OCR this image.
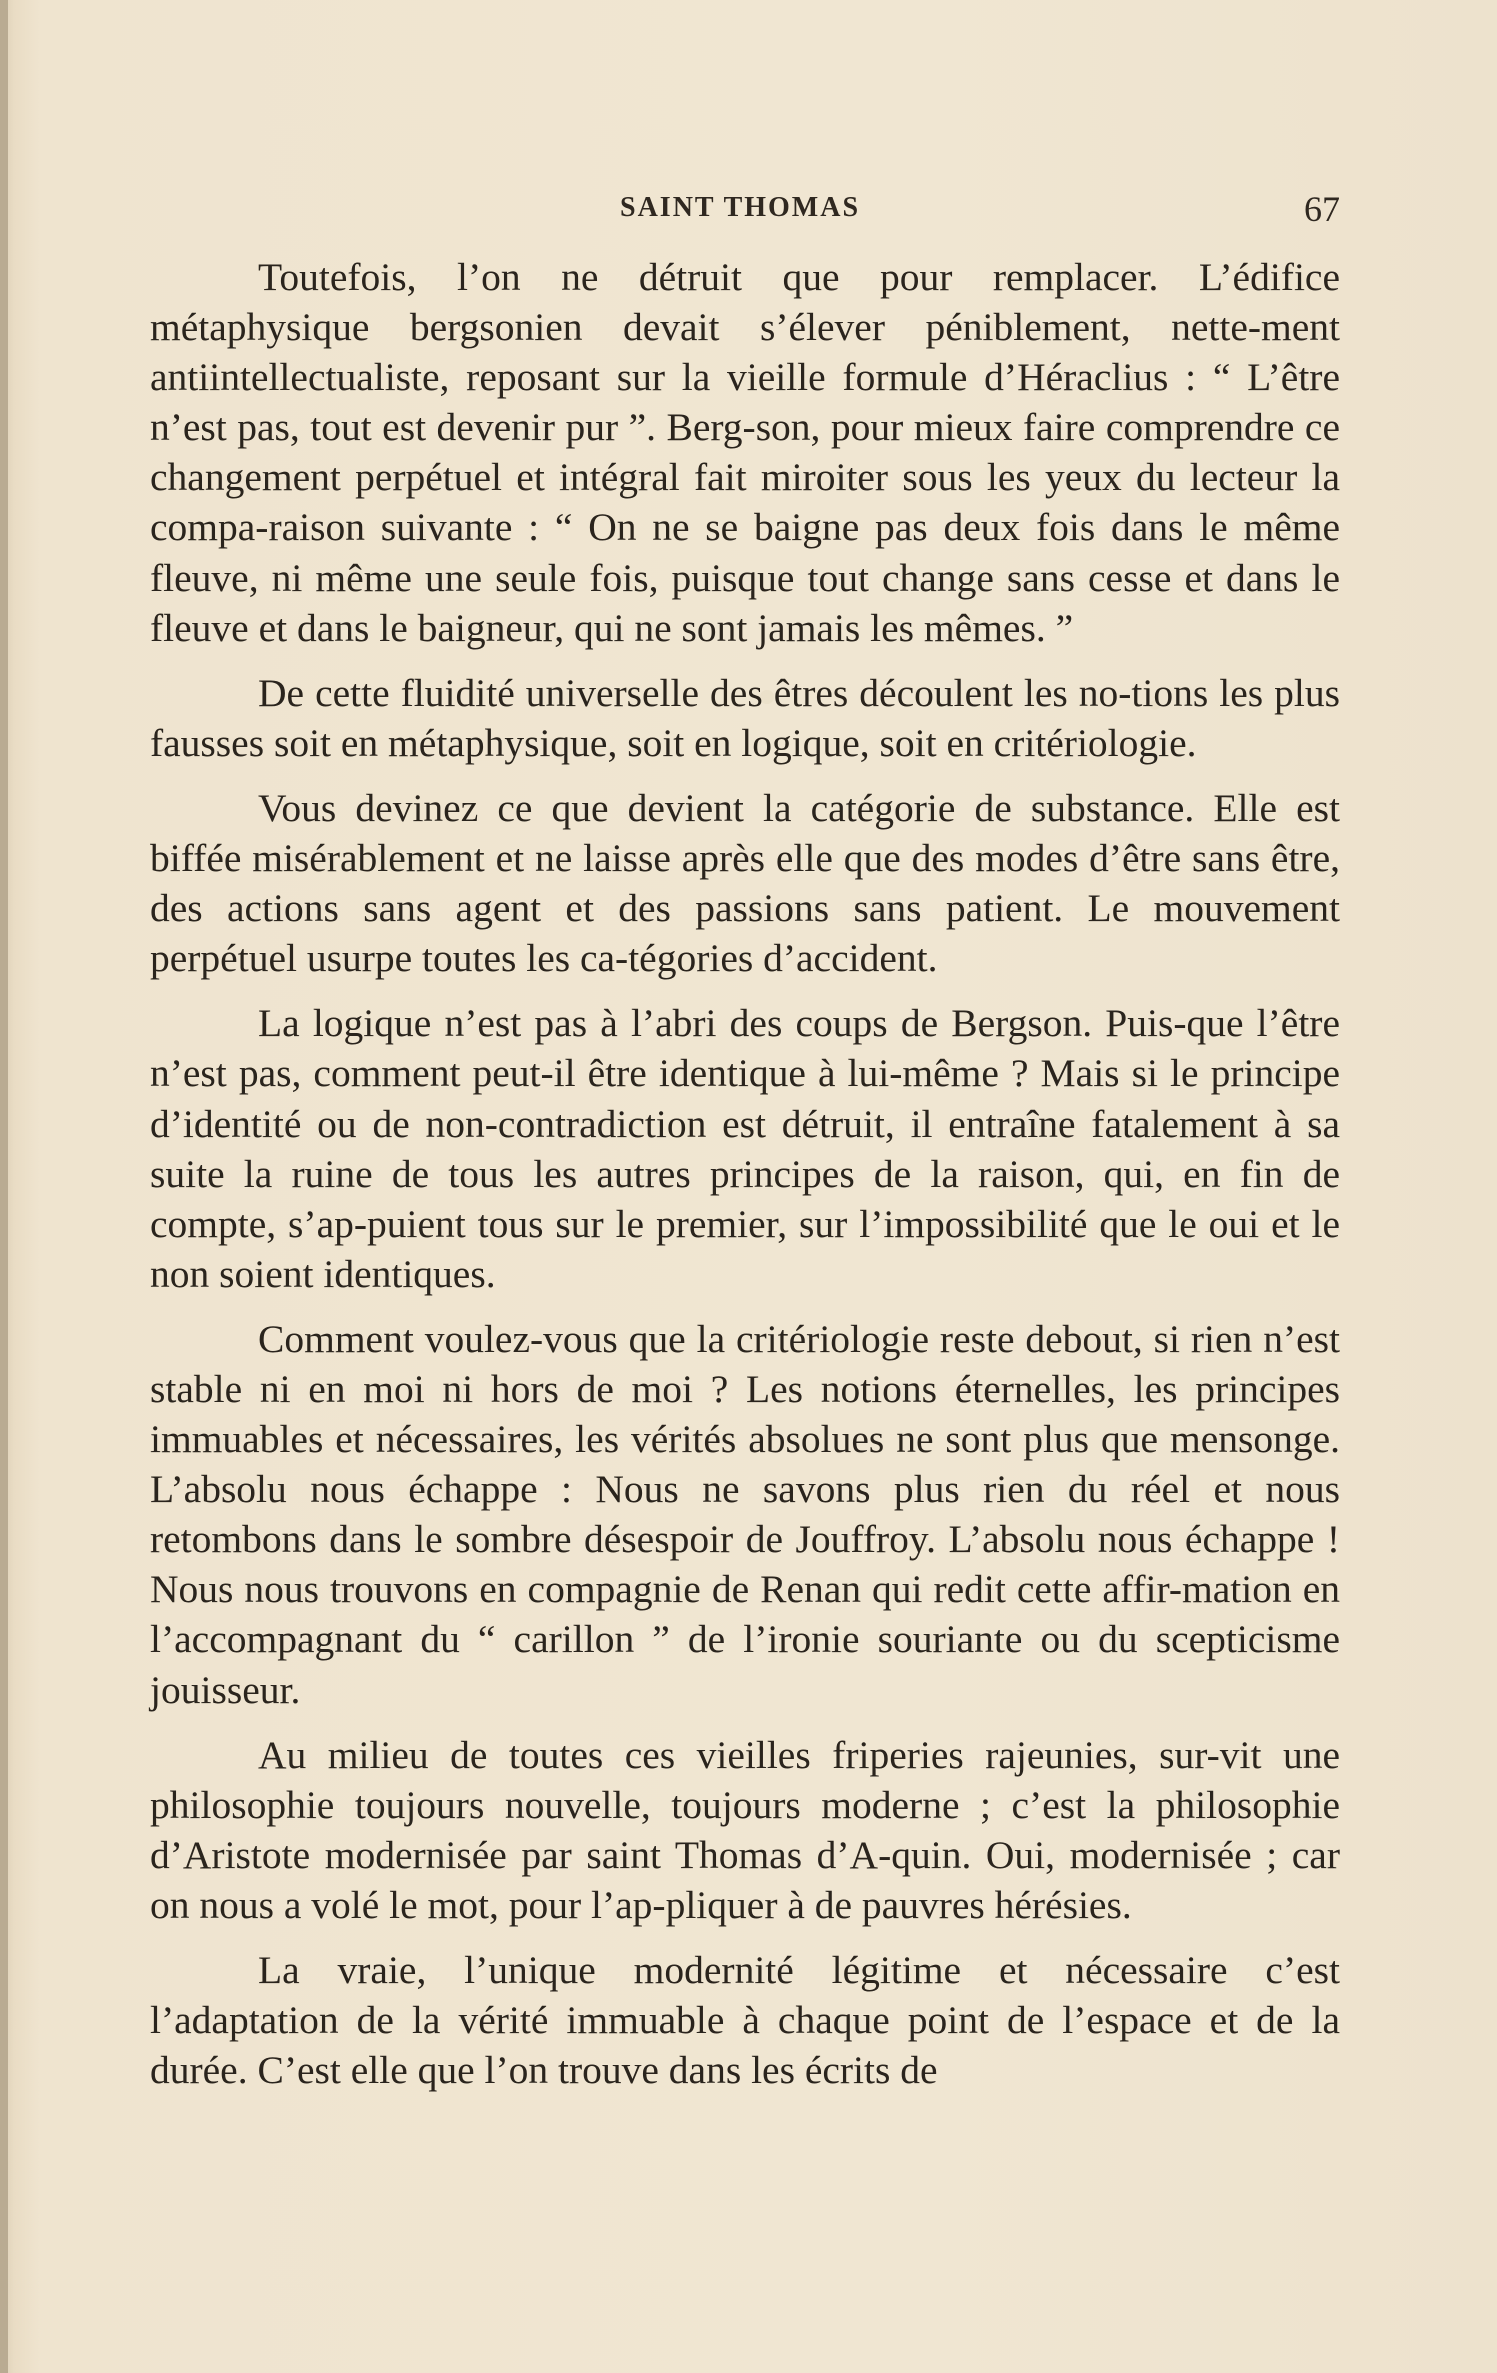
SAINT THOMAS	67

Toutefois, l’on ne détruit que pour remplacer. L’édifice métaphysique bergsonien devait s’élever péniblement, nette-ment antiintellectualiste, reposant sur la vieille formule d’Héraclius : “ L’être n’est pas, tout est devenir pur ”. Berg-son, pour mieux faire comprendre ce changement perpétuel et intégral fait miroiter sous les yeux du lecteur la compa-raison suivante : “ On ne se baigne pas deux fois dans le même fleuve, ni même une seule fois, puisque tout change sans cesse et dans le fleuve et dans le baigneur, qui ne sont jamais les mêmes. ”

De cette fluidité universelle des êtres découlent les no-tions les plus fausses soit en métaphysique, soit en logique, soit en critériologie.

Vous devinez ce que devient la catégorie de substance. Elle est biffée misérablement et ne laisse après elle que des modes d’être sans être, des actions sans agent et des passions sans patient. Le mouvement perpétuel usurpe toutes les ca-tégories d’accident.

La logique n’est pas à l’abri des coups de Bergson. Puis-que l’être n’est pas, comment peut-il être identique à lui-même ? Mais si le principe d’identité ou de non-contradiction est détruit, il entraîne fatalement à sa suite la ruine de tous les autres principes de la raison, qui, en fin de compte, s’ap-puient tous sur le premier, sur l’impossibilité que le oui et le non soient identiques.

Comment voulez-vous que la critériologie reste debout, si rien n’est stable ni en moi ni hors de moi ? Les notions éternelles, les principes immuables et nécessaires, les vérités absolues ne sont plus que mensonge. L’absolu nous échappe : Nous ne savons plus rien du réel et nous retombons dans le sombre désespoir de Jouffroy. L’absolu nous échappe ! Nous nous trouvons en compagnie de Renan qui redit cette affir-mation en l’accompagnant du “ carillon ” de l’ironie souriante ou du scepticisme jouisseur.

Au milieu de toutes ces vieilles friperies rajeunies, sur-vit une philosophie toujours nouvelle, toujours moderne ; c’est la philosophie d’Aristote modernisée par saint Thomas d’A-quin. Oui, modernisée ; car on nous a volé le mot, pour l’ap-pliquer à de pauvres hérésies.

La vraie, l’unique modernité légitime et nécessaire c’est l’adaptation de la vérité immuable à chaque point de l’espace et de la durée. C’est elle que l’on trouve dans les écrits de
